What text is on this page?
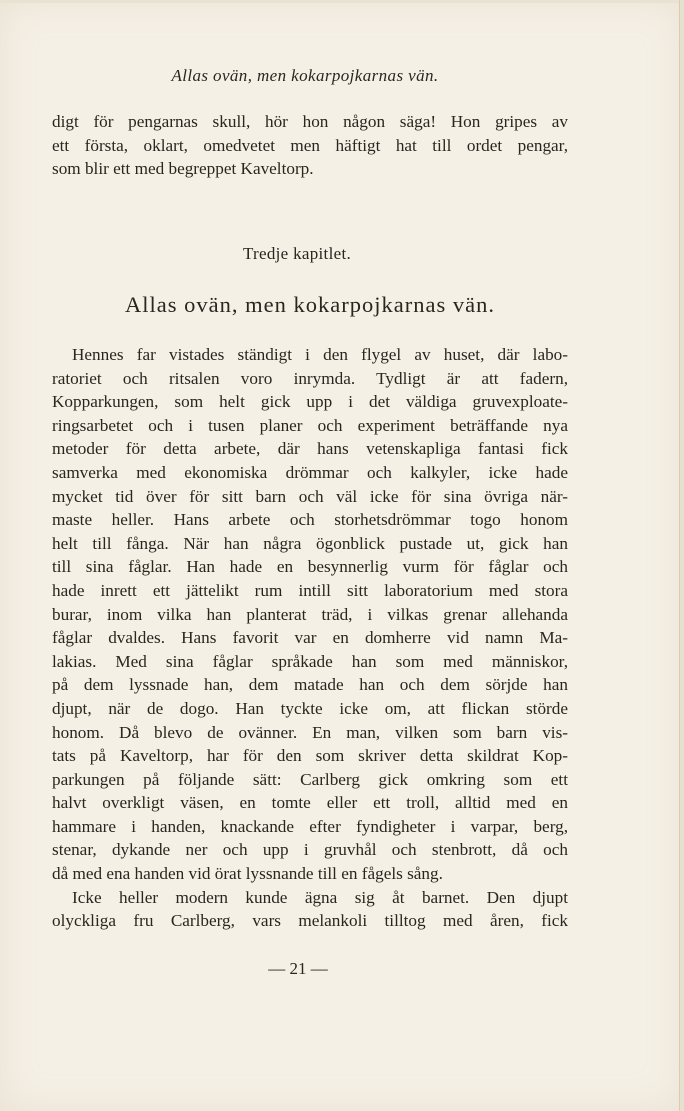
Allas ovän, men kokarpojkarnas vän.
digt för pengarnas skull, hör hon någon säga! Hon gripes av
ett första, oklart, omedvetet men häftigt hat till ordet pengar,
som blir ett med begreppet Kaveltorp.
Tredje kapitlet.
Allas ovän, men kokarpojkarnas vän.
Hennes far vistades ständigt i den flygel av huset, där labo-
ratoriet och ritsalen voro inrymda. Tydligt är att fadern,
Kopparkungen, som helt gick upp i det väldiga gruvexploate-
ringsarbetet och i tusen planer och experiment beträffande nya
metoder för detta arbete, där hans vetenskapliga fantasi fick
samverka med ekonomiska drömmar och kalkyler, icke hade
mycket tid över för sitt barn och väl icke för sina övriga när-
maste heller. Hans arbete och storhetsdrömmar togo honom
helt till fånga. När han några ögonblick pustade ut, gick han
till sina fåglar. Han hade en besynnerlig vurm för fåglar och
hade inrett ett jättelikt rum intill sitt laboratorium med stora
burar, inom vilka han planterat träd, i vilkas grenar allehanda
fåglar dvaldes. Hans favorit var en domherre vid namn Ma-
lakias. Med sina fåglar språkade han som med människor,
på dem lyssnade han, dem matade han och dem sörjde han
djupt, när de dogo. Han tyckte icke om, att flickan störde
honom. Då blevo de ovänner. En man, vilken som barn vis-
tats på Kaveltorp, har för den som skriver detta skildrat Kop-
parkungen på följande sätt: Carlberg gick omkring som ett
halvt overkligt väsen, en tomte eller ett troll, alltid med en
hammare i handen, knackande efter fyndigheter i varpar, berg,
stenar, dykande ner och upp i gruvhål och stenbrott, då och
då med ena handen vid örat lyssnande till en fågels sång.
Icke heller modern kunde ägna sig åt barnet. Den djupt
olyckliga fru Carlberg, vars melankoli tilltog med åren, fick
— 21 —
